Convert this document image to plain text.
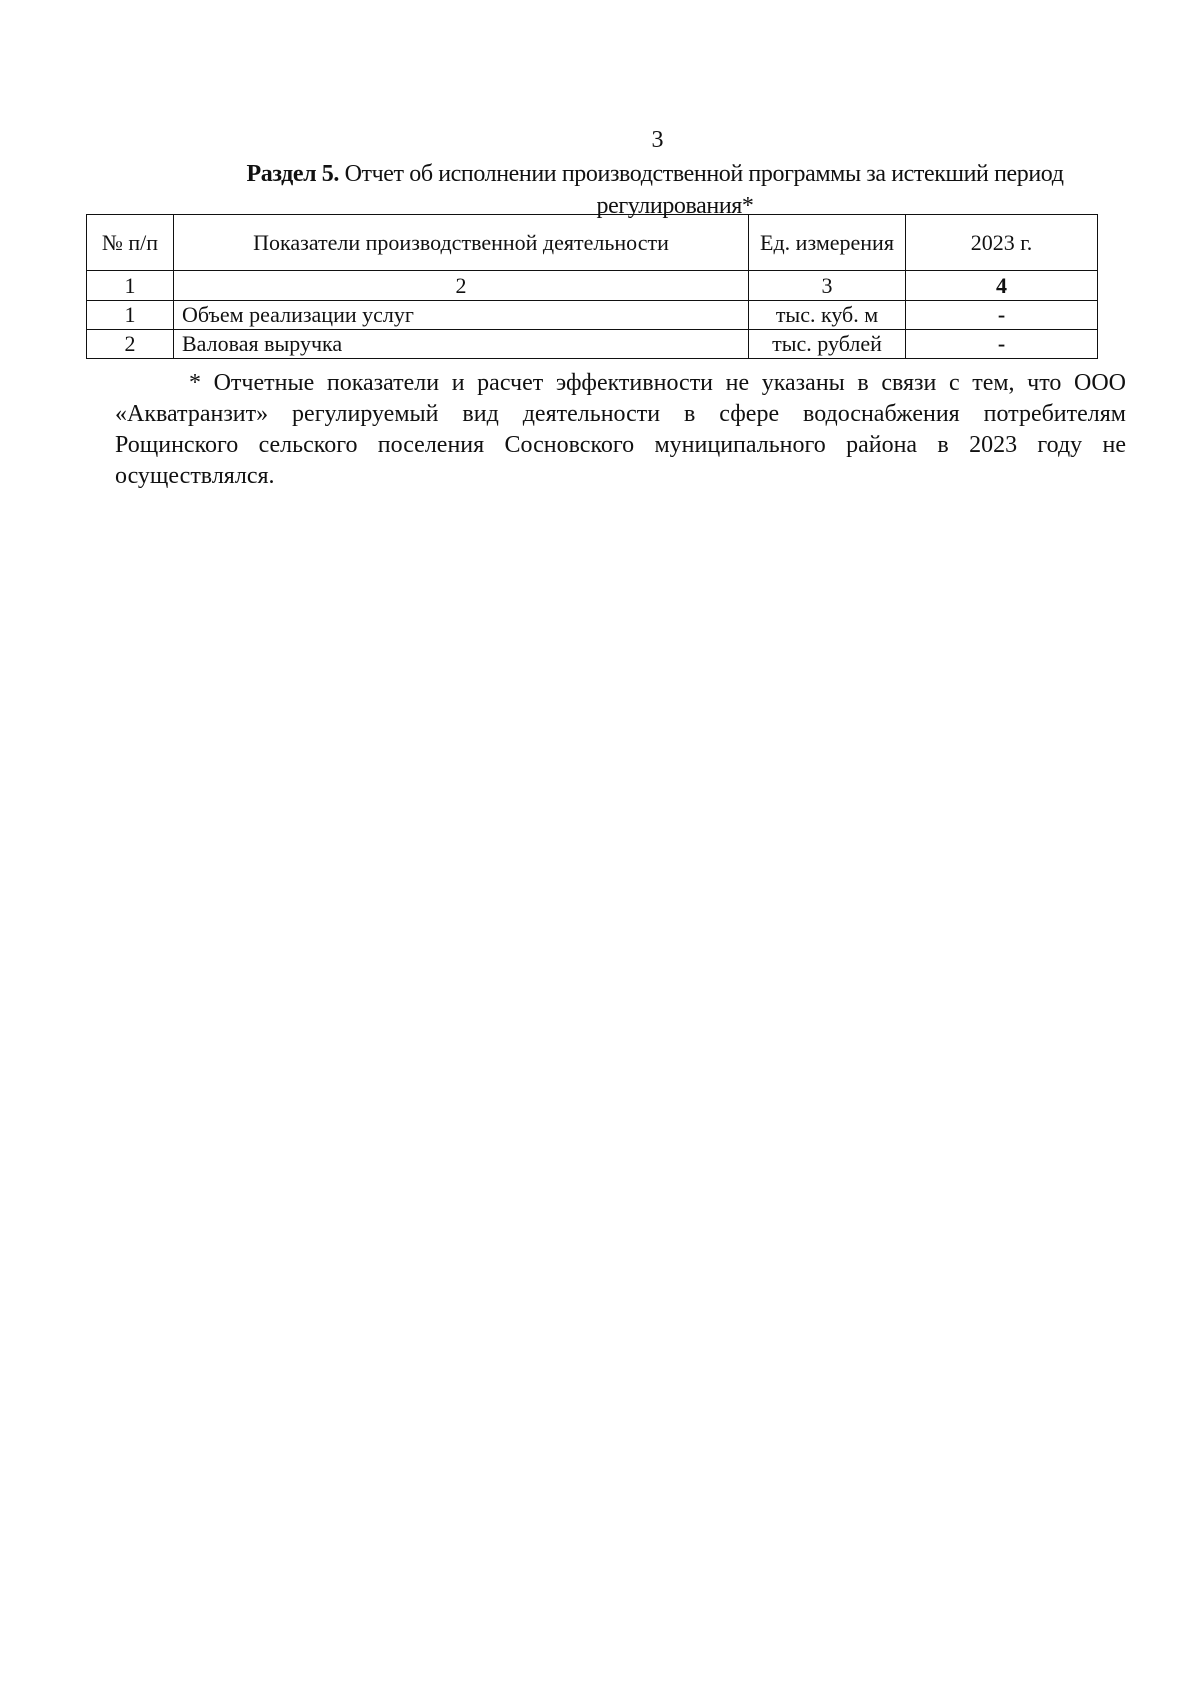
3
Раздел 5. Отчет об исполнении производственной программы за истекший период
регулирования*
№ п/п	Показатели производственной деятельности	Ед. измерения	2023 г.
1	2	3	4
1	Объем реализации услуг	тыс. куб. м	-
2	Валовая выручка	тыс. рублей	-
* Отчетные показатели и расчет эффективности не указаны в связи с тем, что ООО «Акватранзит» регулируемый вид деятельности в сфере водоснабжения потребителям Рощинского сельского поселения Сосновского муниципального района в 2023 году не осуществлялся.
